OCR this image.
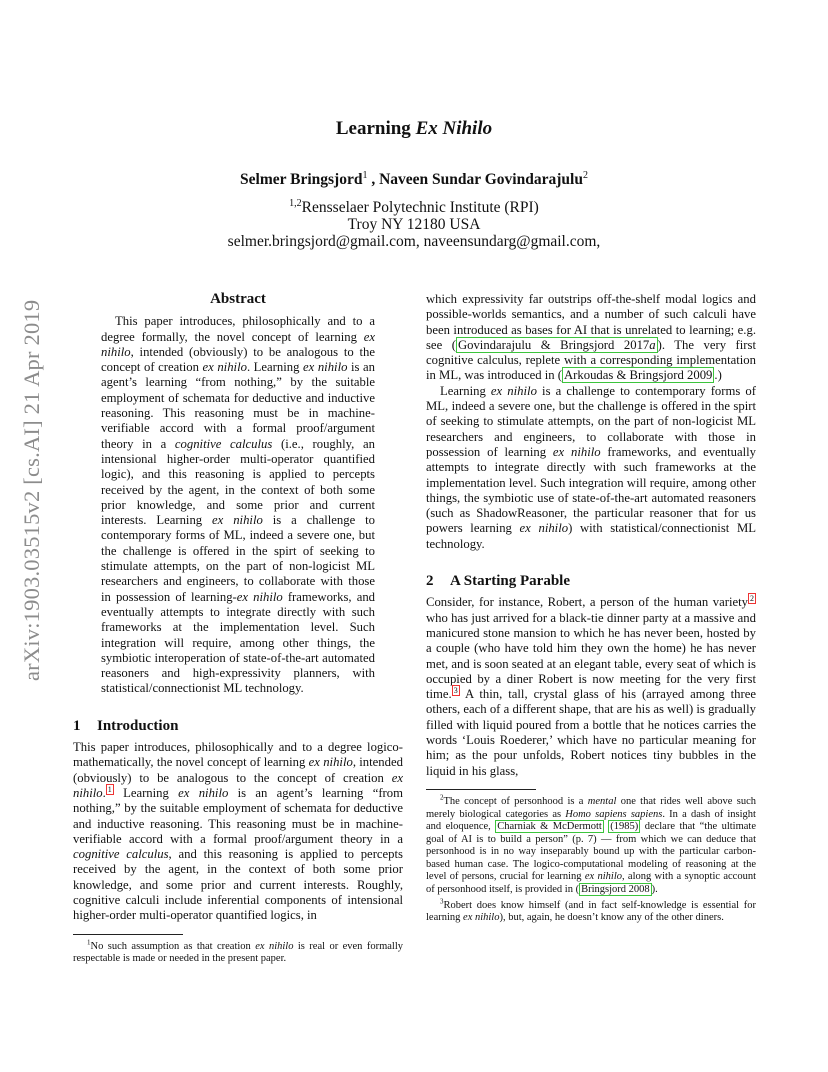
arXiv:1903.03515v2 [cs.AI] 21 Apr 2019
Learning Ex Nihilo
Selmer Bringsjord$^1$ , Naveen Sundar Govindarajulu$^2$
$^{1,2}$Rensselaer Polytechnic Institute (RPI)
Troy NY 12180 USA
selmer.bringsjord@gmail.com, naveensundarg@gmail.com,
Abstract

This paper introduces, philosophically and to a degree formally, the novel concept of learning ex nihilo, intended (obviously) to be analogous to the concept of creation ex nihilo. Learning ex nihilo is an agent’s learning “from nothing,” by the suitable employment of schemata for deductive and inductive reasoning. This reasoning must be in machine-verifiable accord with a formal proof/argument theory in a cognitive calculus (i.e., roughly, an intensional higher-order multi-operator quantified logic), and this reasoning is applied to percepts received by the agent, in the context of both some prior knowledge, and some prior and current interests. Learning ex nihilo is a challenge to contemporary forms of ML, indeed a severe one, but the challenge is offered in the spirt of seeking to stimulate attempts, on the part of non-logicist ML researchers and engineers, to collaborate with those in possession of learning-ex nihilo frameworks, and eventually attempts to integrate directly with such frameworks at the implementation level. Such integration will require, among other things, the symbiotic interoperation of state-of-the-art automated reasoners and high-expressivity planners, with statistical/connectionist ML technology.

1 Introduction

This paper introduces, philosophically and to a degree logico-mathematically, the novel concept of learning ex nihilo, intended (obviously) to be analogous to the concept of creation ex nihilo. $^1$ Learning ex nihilo is an agent’s learning “from nothing,” by the suitable employment of schemata for deductive and inductive reasoning. This reasoning must be in machine-verifiable accord with a formal proof/argument theory in a cognitive calculus, and this reasoning is applied to percepts received by the agent, in the context of both some prior knowledge, and some prior and current interests. Roughly, cognitive calculi include inferential components of intensional higher-order multi-operator quantified logics, in

$^1$No such assumption as that creation ex nihilo is real or even formally respectable is made or needed in the present paper.

which expressivity far outstrips off-the-shelf modal logics and possible-worlds semantics, and a number of such calculi have been introduced as bases for AI that is unrelated to learning; e.g. see ( Govindarajulu & Bringsjord 2017a ). The very first cognitive calculus, replete with a corresponding implementation in ML, was introduced in ( Arkoudas & Bringsjord 2009 .)

Learning ex nihilo is a challenge to contemporary forms of ML, indeed a severe one, but the challenge is offered in the spirt of seeking to stimulate attempts, on the part of non-logicist ML researchers and engineers, to collaborate with those in possession of learning ex nihilo frameworks, and eventually attempts to integrate directly with such frameworks at the implementation level. Such integration will require, among other things, the symbiotic use of state-of-the-art automated reasoners (such as ShadowReasoner, the particular reasoner that for us powers learning ex nihilo) with statistical/connectionist ML technology.

2 A Starting Parable

Consider, for instance, Robert, a person of the human variety $^2$ who has just arrived for a black-tie dinner party at a massive and manicured stone mansion to which he has never been, hosted by a couple (who have told him they own the home) he has never met, and is soon seated at an elegant table, every seat of which is occupied by a diner Robert is now meeting for the very first time. $^3$ A thin, tall, crystal glass of his (arrayed among three others, each of a different shape, that are his as well) is gradually filled with liquid poured from a bottle that he notices carries the words ‘Louis Roederer,’ which have no particular meaning for him; as the pour unfolds, Robert notices tiny bubbles in the liquid in his glass,

$^2$The concept of personhood is a mental one that rides well above such merely biological categories as Homo sapiens sapiens. In a dash of insight and eloquence, Charniak & McDermott (1985) declare that “the ultimate goal of AI is to build a person” (p. 7) — from which we can deduce that personhood is in no way inseparably bound up with the particular carbon-based human case. The logico-computational modeling of reasoning at the level of persons, crucial for learning ex nihilo, along with a synoptic account of personhood itself, is provided in ( Bringsjord 2008 ).

$^3$Robert does know himself (and in fact self-knowledge is essential for learning ex nihilo), but, again, he doesn’t know any of the other diners.
